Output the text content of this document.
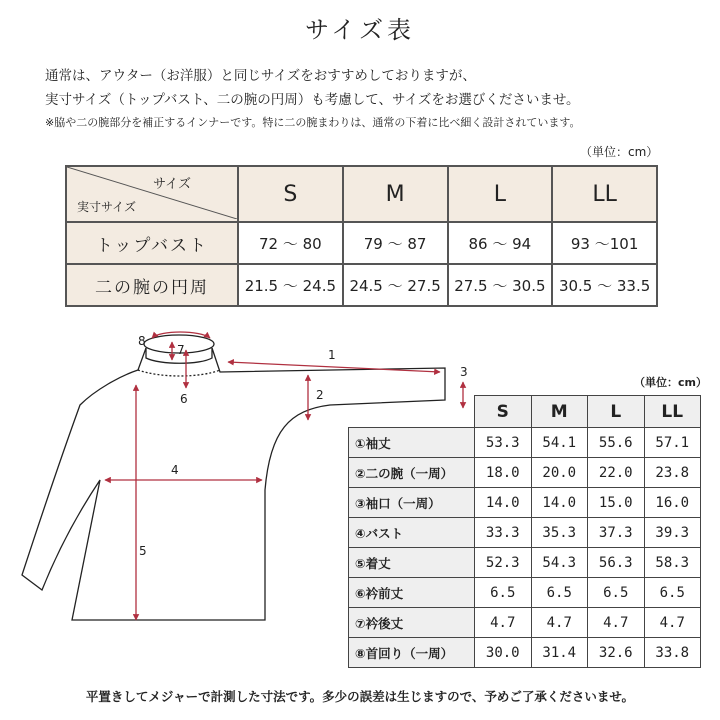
サイズ表
通常は、アウター（お洋服）と同じサイズをおすすめしておりますが、
実寸サイズ（トップバスト、二の腕の円周）も考慮して、サイズをお選びくださいませ。
※脇や二の腕部分を補正するインナーです。特に二の腕まわりは、通常の下着に比べ細く設計されています。
（単位：cm）
サイズ
実寸サイズ	S	M	L	LL
トップバスト	72 ～ 80	79 ～ 87	86 ～ 94	93 ～101
二の腕の円周	21.5 ～ 24.5	24.5 ～ 27.5	27.5 ～ 30.5	30.5 ～ 33.5
1
2
3
4
5
6
7
8
（単位：cm）
	S	M	L	LL
①袖丈	53.3	54.1	55.6	57.1
②二の腕（一周）	18.0	20.0	22.0	23.8
③袖口（一周）	14.0	14.0	15.0	16.0
④バスト	33.3	35.3	37.3	39.3
⑤着丈	52.3	54.3	56.3	58.3
⑥衿前丈	6.5	6.5	6.5	6.5
⑦衿後丈	4.7	4.7	4.7	4.7
⑧首回り（一周）	30.0	31.4	32.6	33.8
平置きしてメジャーで計測した寸法です。多少の誤差は生じますので、予めご了承くださいませ。
